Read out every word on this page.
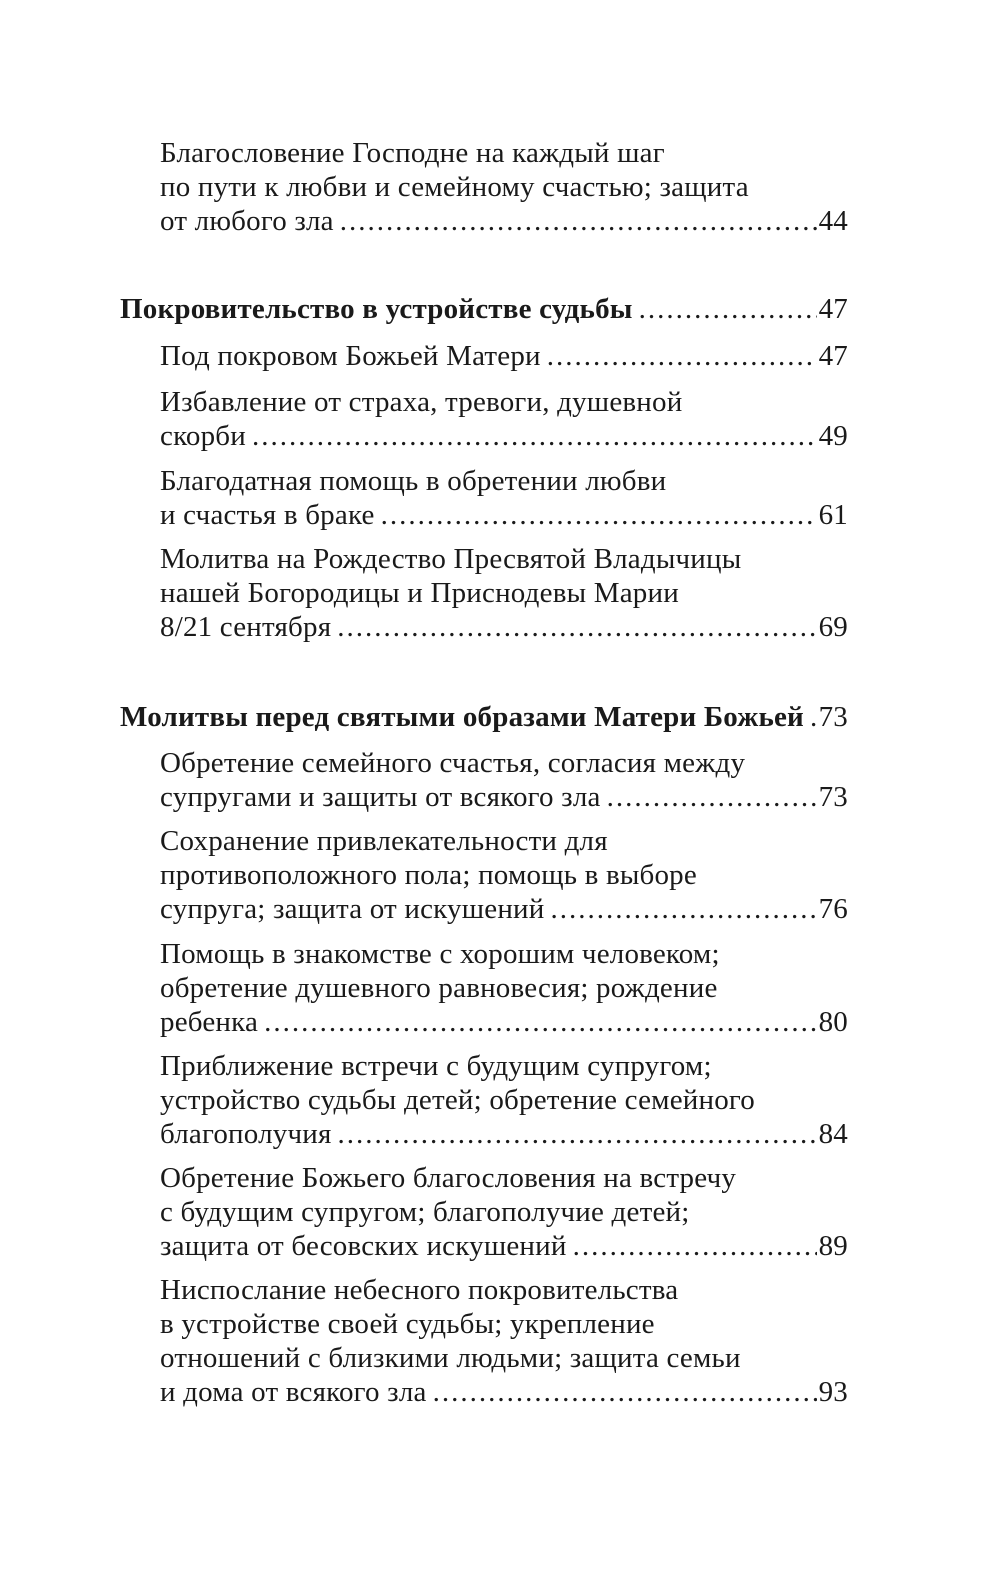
Благословение Господне на каждый шаг
по пути к любви и семейному счастью; защита
от любого зла .....	44
Покровительство в устройстве судьбы .....	47
Под покровом Божьей Матери .....	47
Избавление от страха, тревоги, душевной
скорби .....	49
Благодатная помощь в обретении любви
и счастья в браке .....	61
Молитва на Рождество Пресвятой Владычицы
нашей Богородицы и Приснодевы Марии
8/21 сентября .....	69
Молитвы перед святыми образами Матери Божьей ..... 73
Обретение семейного счастья, согласия между
супругами и защиты от всякого зла .....	73
Сохранение привлекательности для
противоположного пола; помощь в выборе
супруга; защита от искушений .....	76
Помощь в знакомстве с хорошим человеком;
обретение душевного равновесия; рождение
ребенка .....	80
Приближение встречи с будущим супругом;
устройство судьбы детей; обретение семейного
благополучия .....	84
Обретение Божьего благословения на встречу
с будущим супругом; благополучие детей;
защита от бесовских искушений .....	89
Ниспослание небесного покровительства
в устройстве своей судьбы; укрепление
отношений с близкими людьми; защита семьи
и дома от всякого зла .....	93
